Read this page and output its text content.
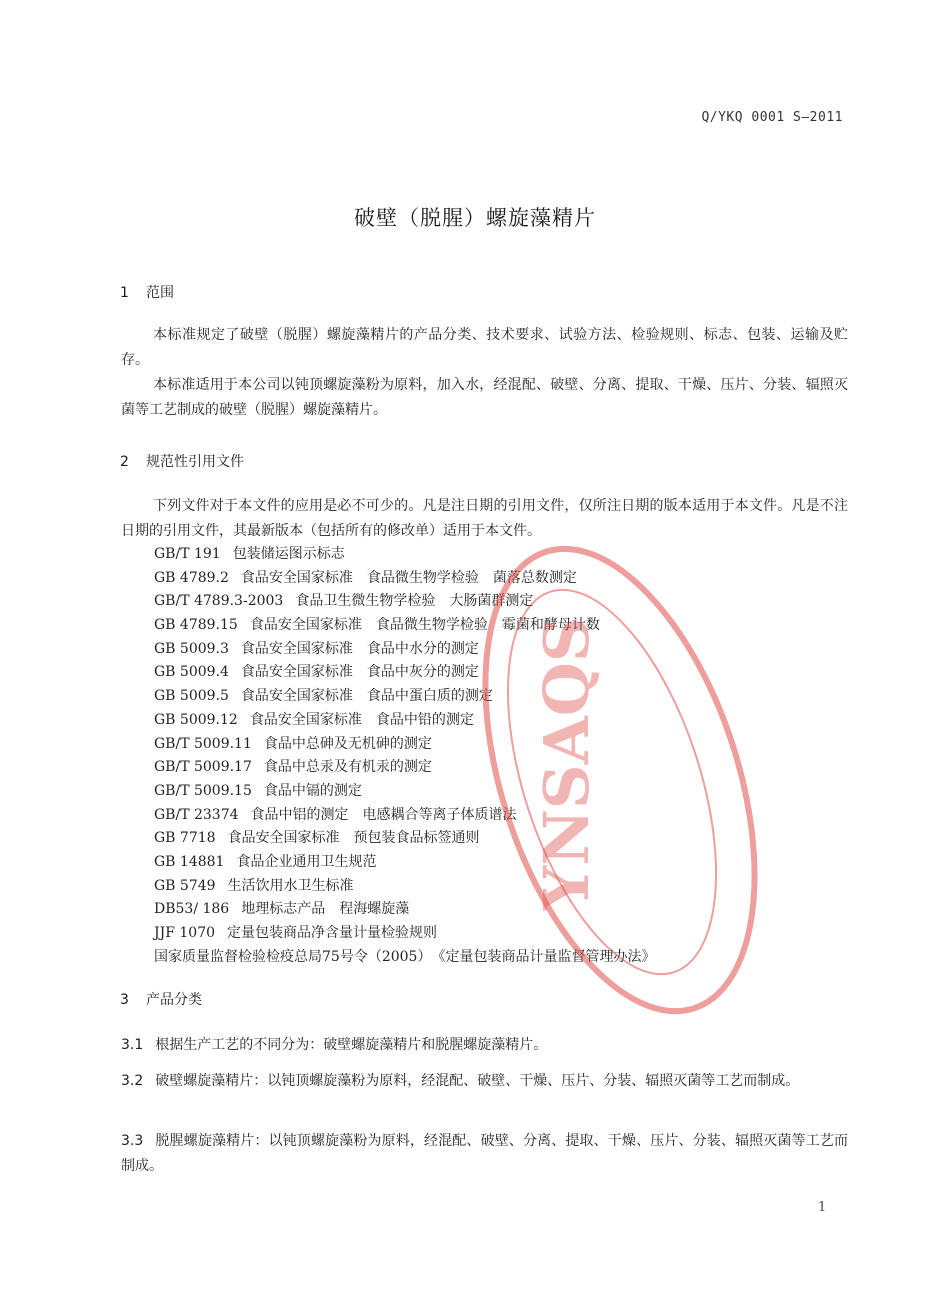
Q/YKQ 0001 S—2011
破壁（脱腥）螺旋藻精片
1 范围

本标准规定了破壁（脱腥）螺旋藻精片的产品分类、技术要求、试验方法、检验规则、标志、包装、运输及贮存。

本标准适用于本公司以钝顶螺旋藻粉为原料，加入水，经混配、破壁、分离、提取、干燥、压片、分装、辐照灭菌等工艺制成的破壁（脱腥）螺旋藻精片。

2 规范性引用文件

下列文件对于本文件的应用是必不可少的。凡是注日期的引用文件，仅所注日期的版本适用于本文件。凡是不注日期的引用文件，其最新版本（包括所有的修改单）适用于本文件。

GB/T 191 包装储运图示标志
GB 4789.2 食品安全国家标准　食品微生物学检验　菌落总数测定
GB/T 4789.3-2003 食品卫生微生物学检验　大肠菌群测定
GB 4789.15 食品安全国家标准　食品微生物学检验　霉菌和酵母计数
GB 5009.3 食品安全国家标准　食品中水分的测定
GB 5009.4 食品安全国家标准　食品中灰分的测定
GB 5009.5 食品安全国家标准　食品中蛋白质的测定
GB 5009.12 食品安全国家标准　食品中铅的测定
GB/T 5009.11 食品中总砷及无机砷的测定
GB/T 5009.17 食品中总汞及有机汞的测定
GB/T 5009.15 食品中镉的测定
GB/T 23374 食品中铝的测定　电感耦合等离子体质谱法
GB 7718 食品安全国家标准　预包装食品标签通则
GB 14881 食品企业通用卫生规范
GB 5749 生活饮用水卫生标准
DB53/ 186 地理标志产品　程海螺旋藻
JJF 1070 定量包装商品净含量计量检验规则
国家质量监督检验检疫总局75号令（2005）《定量包装商品计量监督管理办法》
3 产品分类

3.1 根据生产工艺的不同分为：破壁螺旋藻精片和脱腥螺旋藻精片。

3.2 破壁螺旋藻精片：以钝顶螺旋藻粉为原料，经混配、破壁、干燥、压片、分装、辐照灭菌等工艺而制成。

3.3 脱腥螺旋藻精片：以钝顶螺旋藻粉为原料，经混配、破壁、分离、提取、干燥、压片、分装、辐照灭菌等工艺而制成。

1
YNSAQS
